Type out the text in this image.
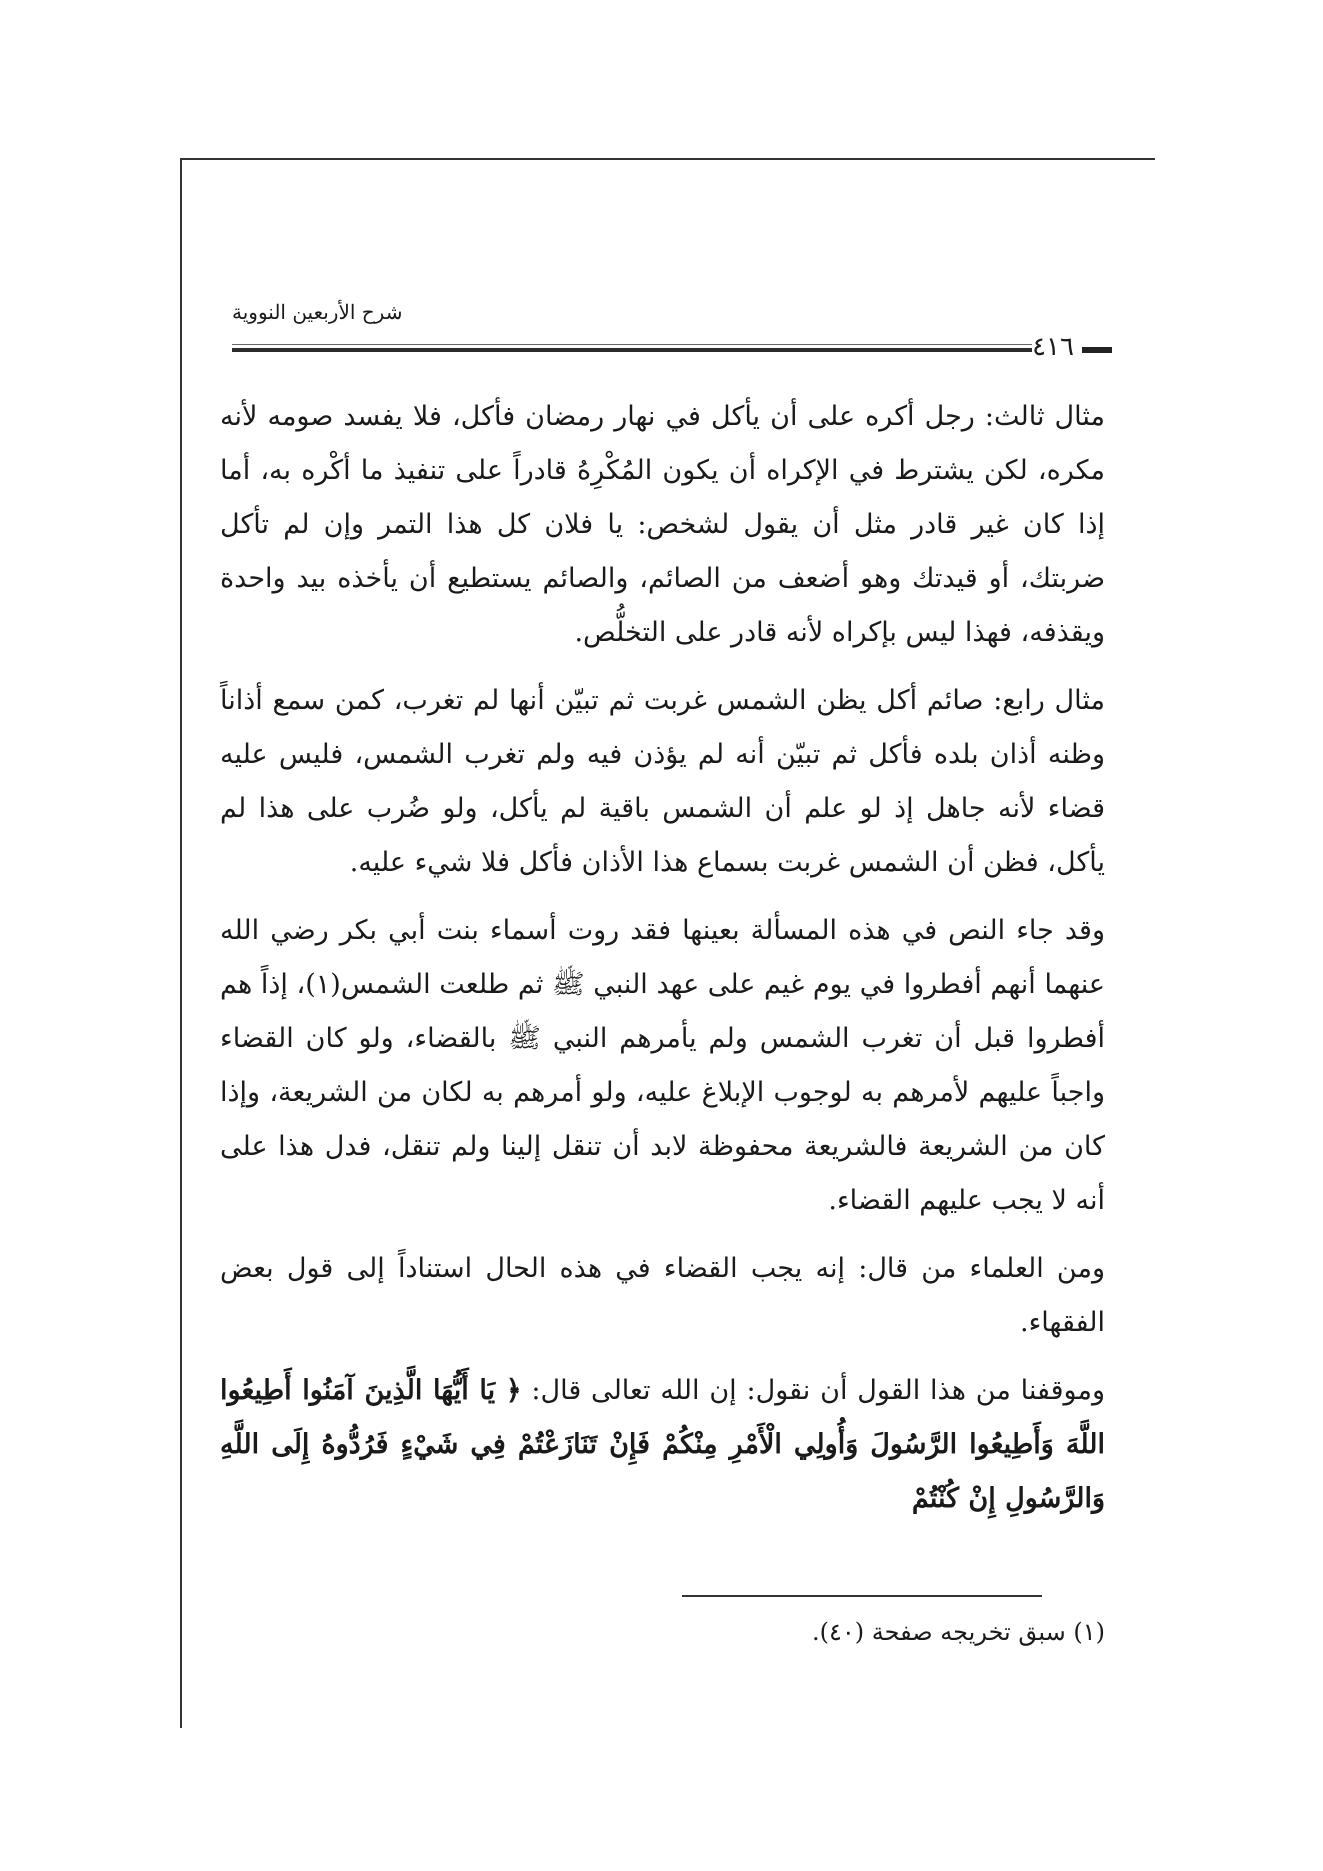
شرح الأربعين النووية
٤١٦

مثال ثالث: رجل أكره على أن يأكل في نهار رمضان فأكل، فلا يفسد صومه لأنه مكره، لكن يشترط في الإكراه أن يكون المُكْرِهُ قادراً على تنفيذ ما أكْره به، أما إذا كان غير قادر مثل أن يقول لشخص: يا فلان كل هذا التمر وإن لم تأكل ضربتك، أو قيدتك وهو أضعف من الصائم، والصائم يستطيع أن يأخذه بيد واحدة ويقذفه، فهذا ليس بإكراه لأنه قادر على التخلُّص.

مثال رابع: صائم أكل يظن الشمس غربت ثم تبيّن أنها لم تغرب، كمن سمع أذاناً وظنه أذان بلده فأكل ثم تبيّن أنه لم يؤذن فيه ولم تغرب الشمس، فليس عليه قضاء لأنه جاهل إذ لو علم أن الشمس باقية لم يأكل، ولو ضُرب على هذا لم يأكل، فظن أن الشمس غربت بسماع هذا الأذان فأكل فلا شيء عليه.

وقد جاء النص في هذه المسألة بعينها فقد روت أسماء بنت أبي بكر رضي الله عنهما أنهم أفطروا في يوم غيم على عهد النبي ﷺ ثم طلعت الشمس(١)، إذاً هم أفطروا قبل أن تغرب الشمس ولم يأمرهم النبي ﷺ بالقضاء، ولو كان القضاء واجباً عليهم لأمرهم به لوجوب الإبلاغ عليه، ولو أمرهم به لكان من الشريعة، وإذا كان من الشريعة فالشريعة محفوظة لابد أن تنقل إلينا ولم تنقل، فدل هذا على أنه لا يجب عليهم القضاء.

ومن العلماء من قال: إنه يجب القضاء في هذه الحال استناداً إلى قول بعض الفقهاء.

وموقفنا من هذا القول أن نقول: إن الله تعالى قال: ﴿ يَا أَيُّهَا الَّذِينَ آمَنُوا أَطِيعُوا اللَّهَ وَأَطِيعُوا الرَّسُولَ وَأُولِي الْأَمْرِ مِنْكُمْ فَإِنْ تَنَازَعْتُمْ فِي شَيْءٍ فَرُدُّوهُ إِلَى اللَّهِ وَالرَّسُولِ إِنْ كُنْتُمْ

(١) سبق تخريجه صفحة (٤٠).
